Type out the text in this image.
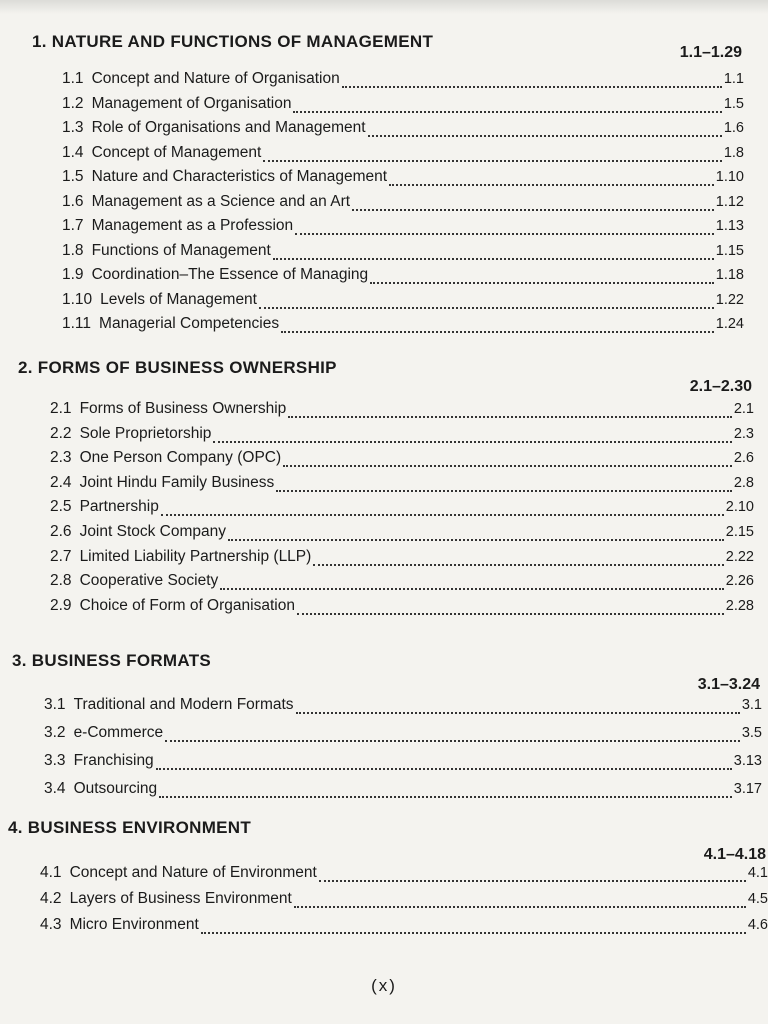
1. NATURE AND FUNCTIONS OF MANAGEMENT
1.1–1.29
1.1 Concept and Nature of Organisation	1.1
1.2 Management of Organisation	1.5
1.3 Role of Organisations and Management	1.6
1.4 Concept of Management	1.8
1.5 Nature and Characteristics of Management	1.10
1.6 Management as a Science and an Art	1.12
1.7 Management as a Profession	1.13
1.8 Functions of Management	1.15
1.9 Coordination–The Essence of Managing	1.18
1.10 Levels of Management	1.22
1.11 Managerial Competencies	1.24
2. FORMS OF BUSINESS OWNERSHIP
2.1–2.30
2.1 Forms of Business Ownership	2.1
2.2 Sole Proprietorship	2.3
2.3 One Person Company (OPC)	2.6
2.4 Joint Hindu Family Business	2.8
2.5 Partnership	2.10
2.6 Joint Stock Company	2.15
2.7 Limited Liability Partnership (LLP)	2.22
2.8 Cooperative Society	2.26
2.9 Choice of Form of Organisation	2.28
3. BUSINESS FORMATS
3.1–3.24
3.1 Traditional and Modern Formats	3.1
3.2 e-Commerce	3.5
3.3 Franchising	3.13
3.4 Outsourcing	3.17
4. BUSINESS ENVIRONMENT
4.1–4.18
4.1 Concept and Nature of Environment	4.1
4.2 Layers of Business Environment	4.5
4.3 Micro Environment	4.6
(x)
